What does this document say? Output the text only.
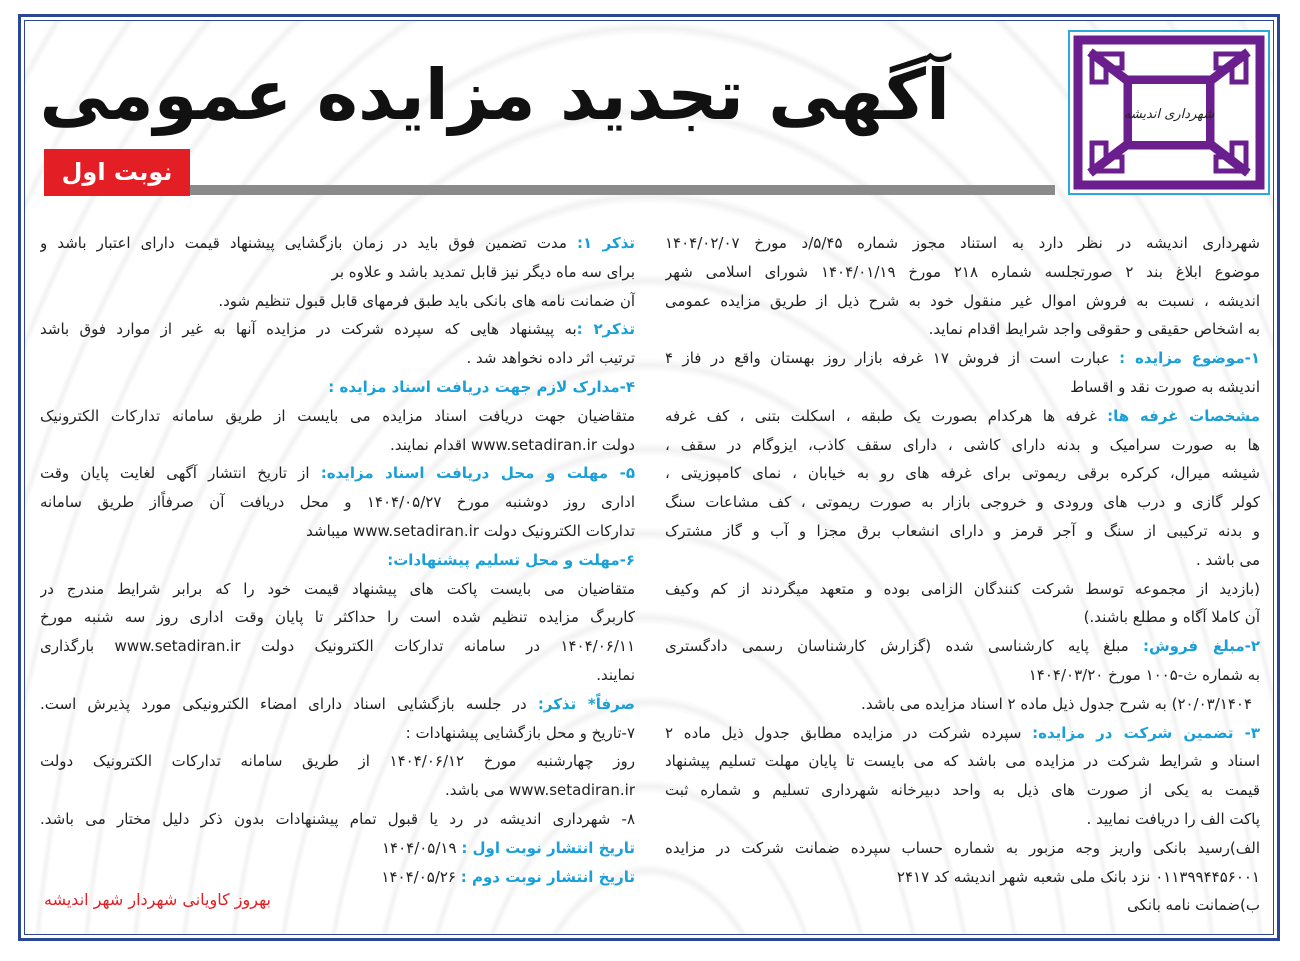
شهرداری اندیشه
آگهی تجدید مزایده عمومی
نوبت اول
شهرداری اندیشه در نظر دارد به استناد مجوز شماره ۵/۴۵/د مورخ ۱۴۰۴/۰۲/۰۷
موضوع ابلاغ بند ۲ صورتجلسه شماره ۲۱۸ مورخ ۱۴۰۴/۰۱/۱۹ شورای اسلامی شهر
اندیشه ، نسبت به فروش اموال غیر منقول خود به شرح ذیل از طریق مزایده عمومی
به اشخاص حقیقی و حقوقی واجد شرایط اقدام نماید.
۱-موضوع مزایده : عبارت است از فروش ۱۷ غرفه بازار روز بهستان واقع در فاز ۴
اندیشه به صورت نقد و اقساط
مشخصات غرفه ها: غرفه ها هرکدام بصورت یک طبقه ، اسکلت بتنی ، کف غرفه
ها به صورت سرامیک و بدنه دارای کاشی ، دارای سقف کاذب، ایزوگام در سقف ،
شیشه میرال، کرکره برقی ریموتی برای غرفه های رو به خیابان ، نمای کامپوزیتی ،
کولر گازی و درب های ورودی و خروجی بازار به صورت ریموتی ، کف مشاعات سنگ
و بدنه ترکیبی از سنگ و آجر قرمز و دارای انشعاب برق مجزا و آب و گاز مشترک
می باشد .
(بازدید از مجموعه توسط شرکت کنندگان الزامی بوده و متعهد میگردند از کم وکیف
آن کاملا آگاه و مطلع باشند.)
۲-مبلغ فروش: مبلغ پایه کارشناسی شده (گزارش کارشناسان رسمی دادگستری
به شماره ث-۱۰۰۵ مورخ ۱۴۰۴/۰۳/۲۰
۲۰/۰۳/۱۴۰۴) به شرح جدول ذیل ماده ۲ اسناد مزایده می باشد.
۳- تضمین شرکت در مزایده: سپرده شرکت در مزایده مطابق جدول ذیل ماده ۲
اسناد و شرایط شرکت در مزایده می باشد که می بایست تا پایان مهلت تسلیم پیشنهاد
قیمت به یکی از صورت های ذیل به واحد دبیرخانه شهرداری تسلیم و شماره ثبت
پاکت الف را دریافت نمایید .
الف)رسید بانکی واریز وجه مزبور به شماره حساب سپرده ضمانت شرکت در مزایده
۰۱۱۳۹۹۴۴۵۶۰۰۱ نزد بانک ملی شعبه شهر اندیشه کد ۲۴۱۷
ب)ضمانت نامه بانکی
تذکر ۱: مدت تضمین فوق باید در زمان بازگشایی پیشنهاد قیمت دارای اعتبار باشد و
برای سه ماه دیگر نیز قابل تمدید باشد و علاوه بر
آن ضمانت نامه های بانکی باید طبق فرمهای قابل قبول تنظیم شود.
تذکر۲ :به پیشنهاد هایی که سپرده شرکت در مزایده آنها به غیر از موارد فوق باشد
ترتیب اثر داده نخواهد شد .
۴-مدارک لازم جهت دریافت اسناد مزایده :
متقاضیان جهت دریافت اسناد مزایده می بایست از طریق سامانه تدارکات الکترونیک
دولت www.setadiran.ir اقدام نمایند.
۵- مهلت و محل دریافت اسناد مزایده: از تاریخ انتشار آگهی لغایت پایان وقت
اداری روز دوشنبه مورخ ۱۴۰۴/۰۵/۲۷ و محل دریافت آن صرفاًاز طریق سامانه
تدارکات الکترونیک دولت www.setadiran.ir میباشد
۶-مهلت و محل تسلیم پیشنهادات:
متقاضیان می بایست پاکت های پیشنهاد قیمت خود را که برابر شرایط مندرج در
کاربرگ مزایده تنظیم شده است را حداکثر تا پایان وقت اداری روز سه شنبه مورخ
۱۴۰۴/۰۶/۱۱ در سامانه تدارکات الکترونیک دولت www.setadiran.ir بارگذاری
نمایند.
صرفاً* تذکر: در جلسه بازگشایی اسناد دارای امضاء الکترونیکی مورد پذیرش است.
۷-تاریخ و محل بازگشایی پیشنهادات :
روز چهارشنبه مورخ ۱۴۰۴/۰۶/۱۲ از طریق سامانه تدارکات الکترونیک دولت
www.setadiran.ir می باشد.
۸- شهرداری اندیشه در رد یا قبول تمام پیشنهادات بدون ذکر دلیل مختار می باشد.
تاریخ انتشار نوبت اول : ۱۴۰۴/۰۵/۱۹
تاریخ انتشار نوبت دوم : ۱۴۰۴/۰۵/۲۶
بهروز کاویانی شهردار شهر اندیشه
